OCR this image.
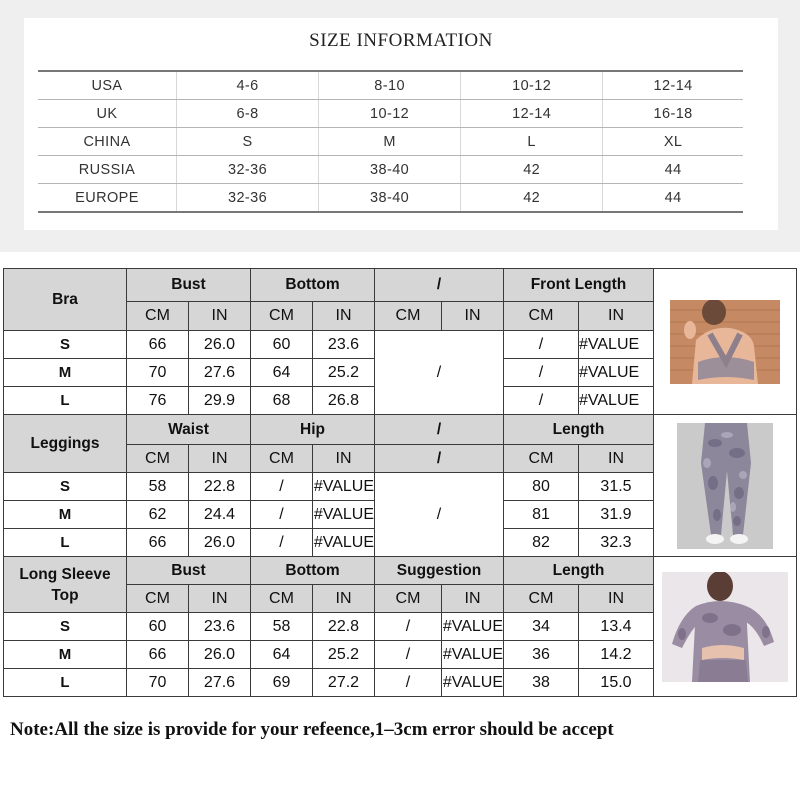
SIZE INFORMATION
USA	4-6	8-10	10-12	12-14
UK	6-8	10-12	12-14	16-18
CHINA	S	M	L	XL
RUSSIA	32-36	38-40	42	44
EUROPE	32-36	38-40	42	44
Bra	Bust		Bottom		/		Front Length	

	CM	IN	CM	IN	CM	IN	CM	IN	
S	66	26.0	60	23.6	/		/	#VALUE	
M	70	27.6	64	25.2			/	#VALUE	
L	76	29.9	68	26.8			/	#VALUE	
Leggings	Waist		Hip		/		Length	

	CM	IN	CM	IN	/		CM	IN	
S	58	22.8	/	#VALUE	/		80	31.5	
M	62	24.4	/	#VALUE			81	31.9	
L	66	26.0	/	#VALUE			82	32.3	
Long Sleeve Top	Bust		Bottom		Suggestion		Length	

	CM	IN	CM	IN	CM	IN	CM	IN	
S	60	23.6	58	22.8	/	#VALUE	34	13.4	
M	66	26.0	64	25.2	/	#VALUE	36	14.2	
L	70	27.6	69	27.2	/	#VALUE	38	15.0	
Note:All the size is provide for your refeence,1–3cm error should be accept
